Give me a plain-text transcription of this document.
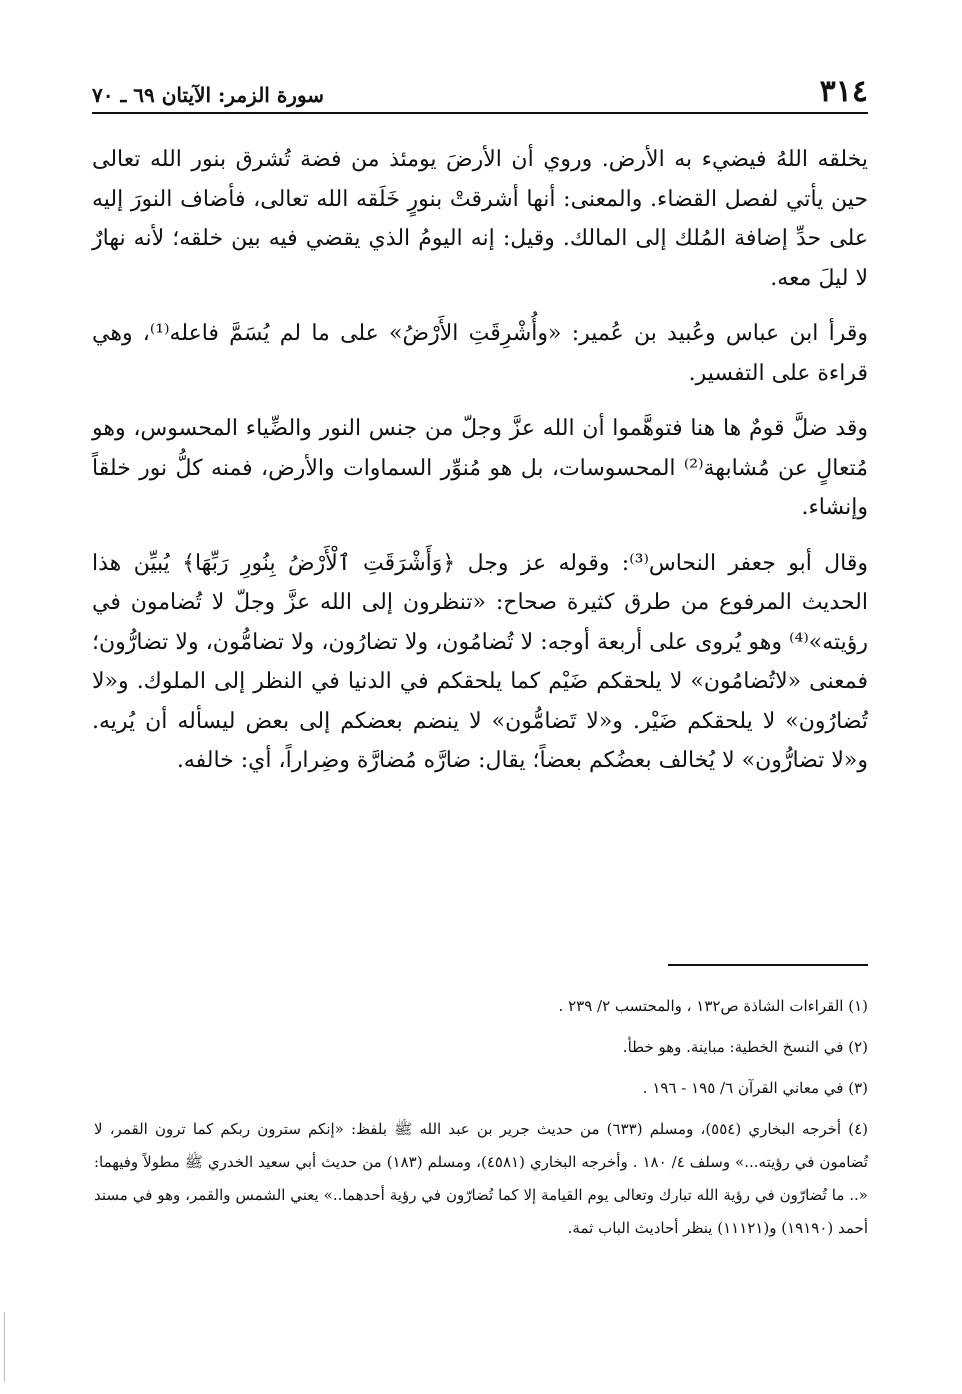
٣١٤
سورة الزمر: الآيتان ٦٩ ـ ٧٠

يخلقه اللهُ فيضيء به الأرض. وروي أن الأرضَ يومئذ من فضة تُشرق بنور الله تعالى حين يأتي لفصل القضاء. والمعنى: أنها أشرقتْ بنورٍ خَلَقه الله تعالى، فأضاف النورَ إليه على حدِّ إضافة المُلك إلى المالك. وقيل: إنه اليومُ الذي يقضي فيه بين خلقه؛ لأنه نهارٌ لا ليلَ معه.

وقرأ ابن عباس وعُبيد بن عُمير: «وأُشْرِقَتِ الأَرْضُ» على ما لم يُسَمَّ فاعله⁽¹⁾، وهي قراءة على التفسير.

وقد ضلَّ قومٌ ها هنا فتوهَّموا أن الله عزَّ وجلّ من جنس النور والضِّياء المحسوس، وهو مُتعالٍ عن مُشابهة⁽²⁾ المحسوسات، بل هو مُنوِّر السماوات والأرض، فمنه كلُّ نور خلقاً وإنشاء.

وقال أبو جعفر النحاس⁽³⁾: وقوله عز وجل ﴿وَأَشْرَقَتِ ٱلْأَرْضُ بِنُورِ رَبِّهَا﴾ يُبيِّن هذا الحديث المرفوع من طرق كثيرة صحاح: «تنظرون إلى الله عزَّ وجلّ لا تُضامون في رؤيته»⁽⁴⁾ وهو يُروى على أربعة أوجه: لا تُضامُون، ولا تضارُون، ولا تضامُّون، ولا تضارُّون؛ فمعنى «لاتُضامُون» لا يلحقكم ضَيْم كما يلحقكم في الدنيا في النظر إلى الملوك. و«لا تُضارُون» لا يلحقكم ضَيْر. و«لا تَضامُّون» لا ينضم بعضكم إلى بعض ليسأله أن يُريه. و«لا تضارُّون» لا يُخالف بعضُكم بعضاً؛ يقال: ضارَّه مُضارَّة وضِراراً، أي: خالفه.

(١) القراءات الشاذة ص١٣٢ ، والمحتسب ٢/ ٢٣٩ .

(٢) في النسخ الخطية: مباينة. وهو خطأ.

(٣) في معاني القرآن ٦/ ١٩٥ - ١٩٦ .

(٤) أخرجه البخاري (٥٥٤)، ومسلم (٦٣٣) من حديث جرير بن عبد الله ﷺ بلفظ: «إنكم سترون ربكم كما ترون القمر، لا تُضامون في رؤيته...» وسلف ٤/ ١٨٠ . وأخرجه البخاري (٤٥٨١)، ومسلم (١٨٣) من حديث أبي سعيد الخدري ﷺ مطولاً وفيهما: «.. ما تُضارّون في رؤية الله تبارك وتعالى يوم القيامة إلا كما تُضارّون في رؤية أحدهما..» يعني الشمس والقمر، وهو في مسند أحمد (١٩١٩٠) و(١١١٢١) ينظر أحاديث الباب ثمة.
